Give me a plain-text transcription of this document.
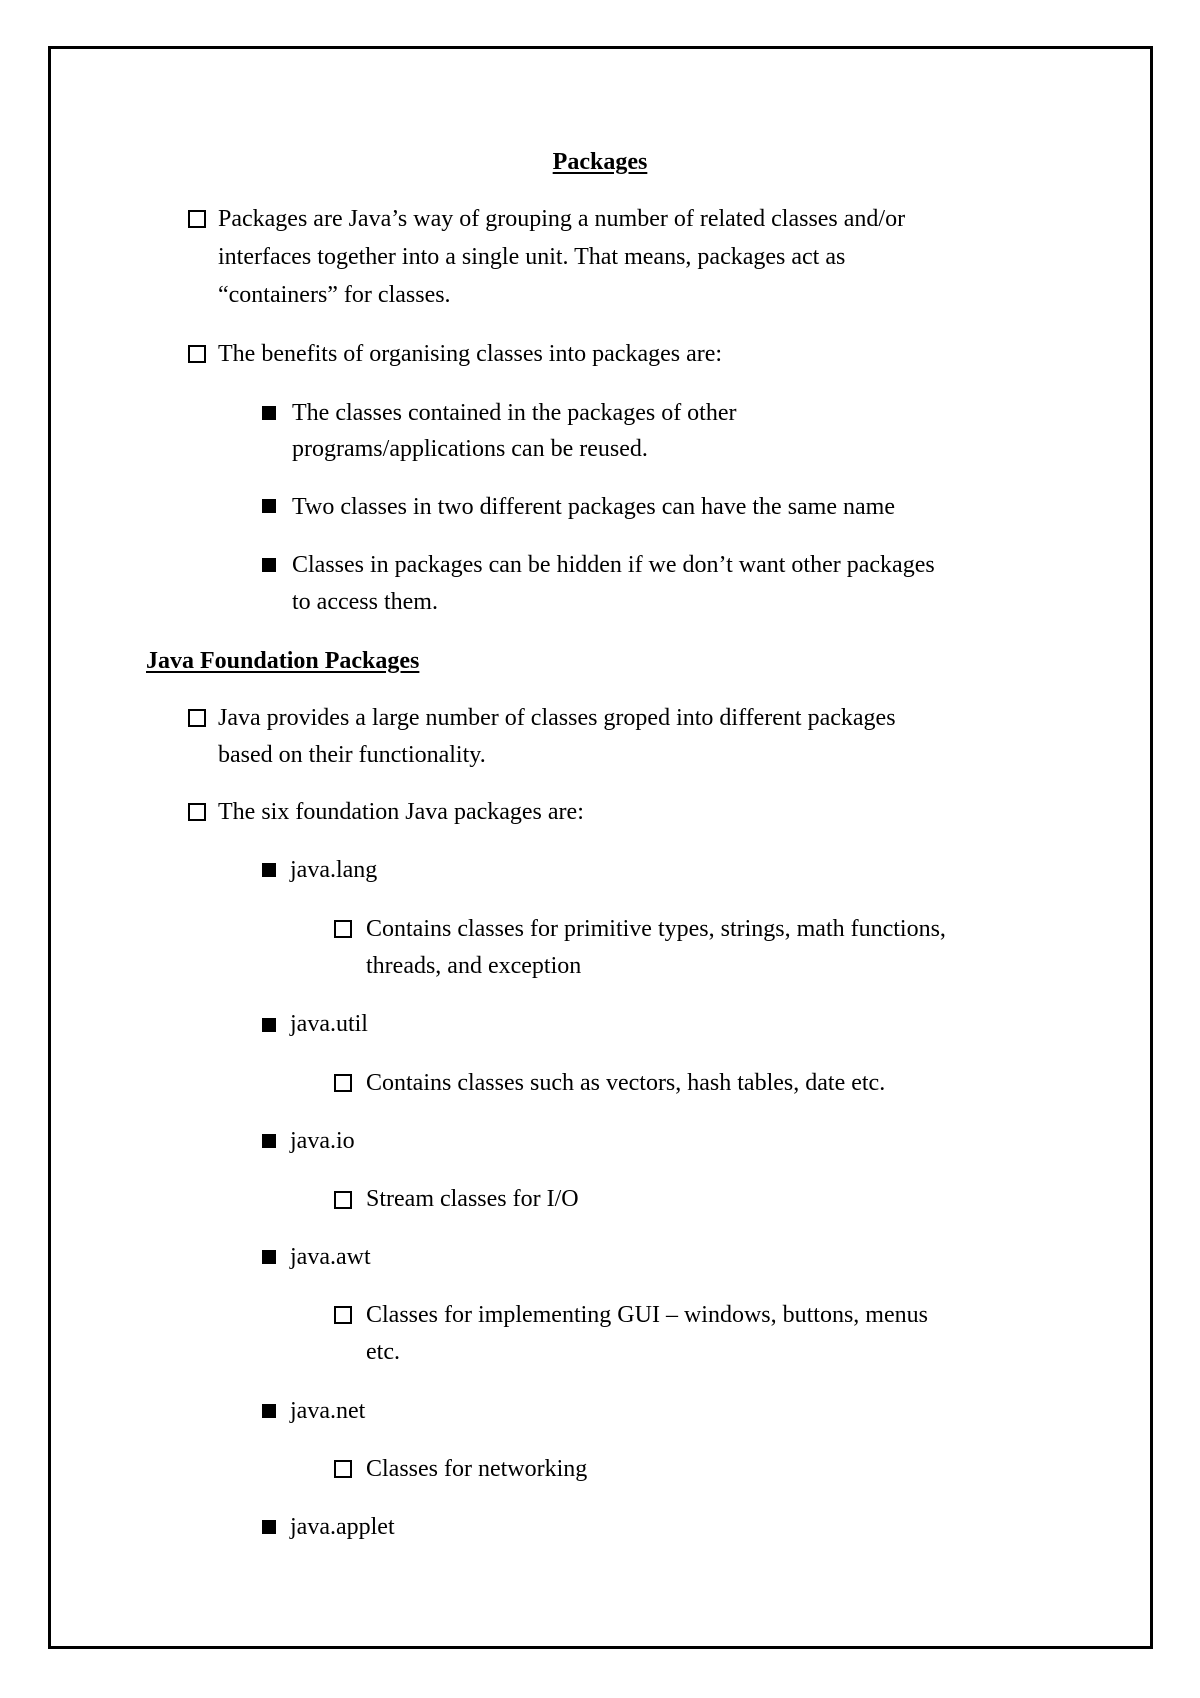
Packages
Packages are Java’s way of grouping a number of related classes and/or
interfaces together into a single unit. That means, packages act as
“containers” for classes.
The benefits of organising classes into packages are:
The classes contained in the packages of other
programs/applications can be reused.
Two classes in two different packages can have the same name
Classes in packages can be hidden if we don’t want other packages
to access them.
Java Foundation Packages
Java provides a large number of classes groped into different packages
based on their functionality.
The six foundation Java packages are:
java.lang
Contains classes for primitive types, strings, math functions,
threads, and exception
java.util
Contains classes such as vectors, hash tables, date etc.
java.io
Stream classes for I/O
java.awt
Classes for implementing GUI – windows, buttons, menus
etc.
java.net
Classes for networking
java.applet
